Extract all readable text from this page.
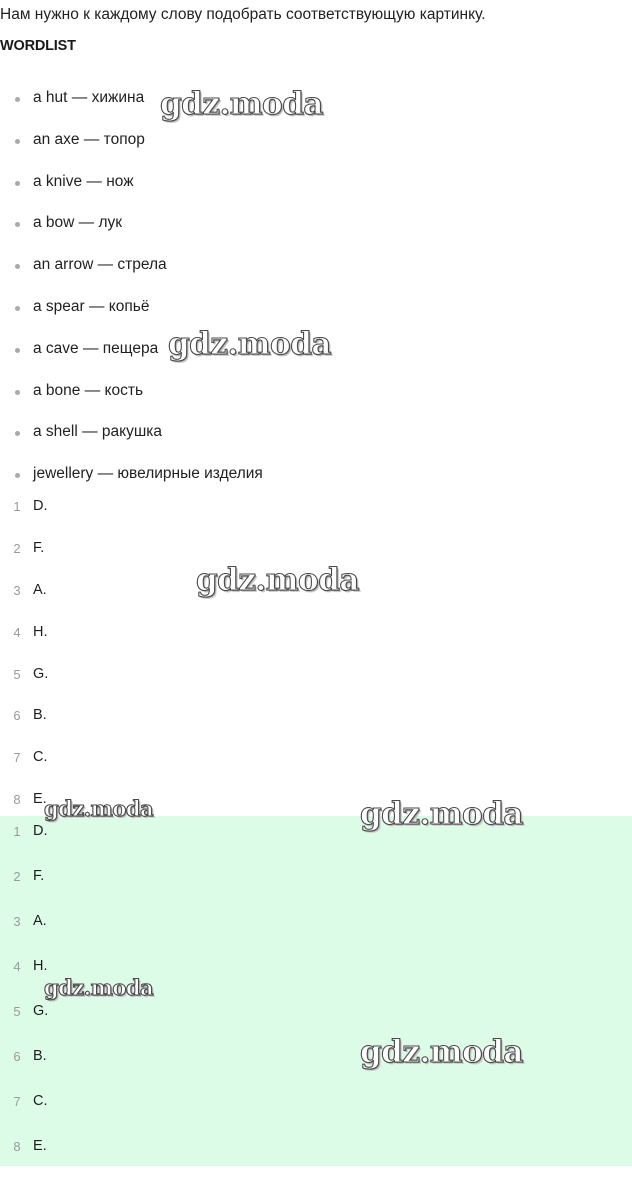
Нам нужно к каждому слову подобрать соответствующую картинку.
WORDLIST
a hut — хижина
an axe — топор
a knive — нож
a bow — лук
an arrow — стрела
a spear — копьё
a cave — пещера
a bone — кость
a shell — ракушка
jewellery — ювелирные изделия
1 D.
2 F.
3 A.
4 H.
5 G.
6 B.
7 C.
8 E.
1 D.
2 F.
3 A.
4 H.
5 G.
6 B.
7 C.
8 E.
gdz.moda
gdz.moda
gdz.moda
gdz.moda	gdz.moda
gdz.moda
gdz.moda
